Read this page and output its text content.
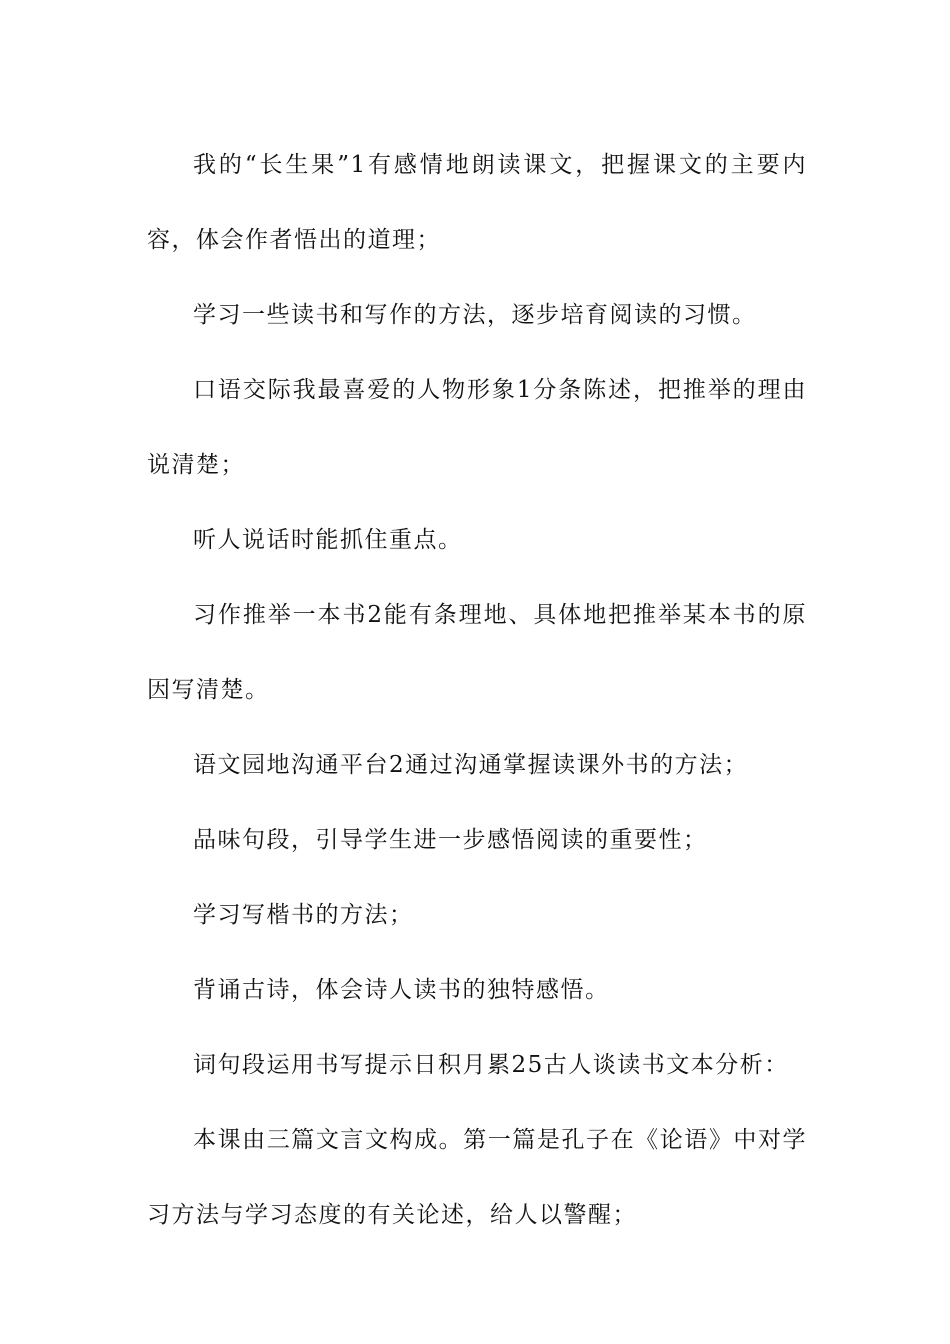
我的“长生果”1有感情地朗读课文，把握课文的主要内容，体会作者悟出的道理；

学习一些读书和写作的方法，逐步培育阅读的习惯。

口语交际我最喜爱的人物形象1分条陈述，把推举的理由说清楚；

听人说话时能抓住重点。

习作推举一本书2能有条理地、具体地把推举某本书的原因写清楚。

语文园地沟通平台2通过沟通掌握读课外书的方法；

品味句段，引导学生进一步感悟阅读的重要性；

学习写楷书的方法；

背诵古诗，体会诗人读书的独特感悟。

词句段运用书写提示日积月累25古人谈读书文本分析：

本课由三篇文言文构成。第一篇是孔子在《论语》中对学习方法与学习态度的有关论述，给人以警醒；
